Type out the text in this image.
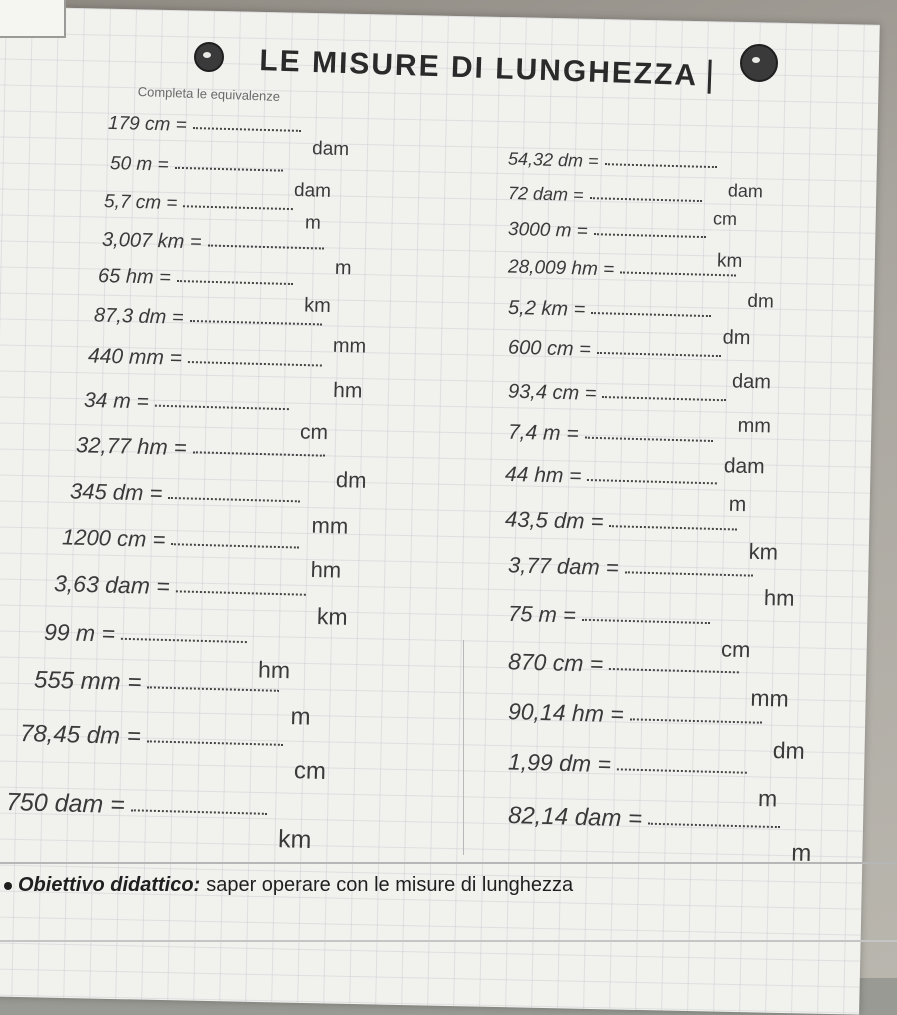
LE MISURE DI LUNGHEZZA
Completa le equivalenze
179 cm =
dam
50 m =
dam
5,7 cm =
m
3,007 km =
m
65 hm =
km
87,3 dm =
mm
440 mm =
hm
34 m =
cm
32,77 hm =
dm
345 dm =
mm
1200 cm =
hm
3,63 dam =
km
99 m =
hm
555 mm =
m
78,45 dm =
cm
750 dam =
km
54,32 dm =
dam
72 dam =
cm
3000 m =
km
28,009 hm =
dm
5,2 km =
dm
600 cm =
dam
93,4 cm =
mm
7,4 m =
dam
44 hm =
m
43,5 dm =
km
3,77 dam =
hm
75 m =
cm
870 cm =
mm
90,14 hm =
dm
1,99 dm =
m
82,14 dam =
m
Obiettivo didattico: saper operare con le misure di lunghezza
